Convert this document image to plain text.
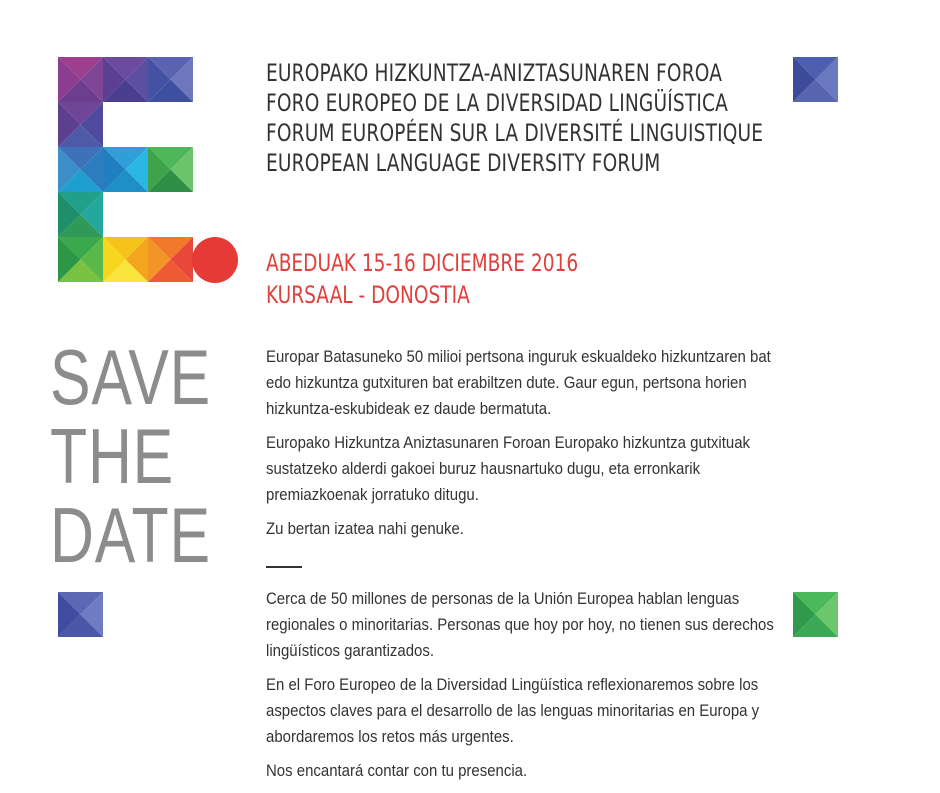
EUROPAKO HIZKUNTZA-ANIZTASUNAREN FOROA
FORO EUROPEO DE LA DIVERSIDAD LINGÜÍSTICA
FORUM EUROPÉEN SUR LA DIVERSITÉ LINGUISTIQUE
EUROPEAN LANGUAGE DIVERSITY FORUM
ABEDUAK 15-16 DICIEMBRE 2016
KURSAAL - DONOSTIA
SAVE
THE
DATE

Europar Batasuneko 50 milioi pertsona inguruk eskualdeko hizkuntzaren bat edo hizkuntza gutxituren bat erabiltzen dute. Gaur egun, pertsona horien hizkuntza-eskubideak ez daude bermatuta.

Europako Hizkuntza Aniztasunaren Foroan Europako hizkuntza gutxituak sustatzeko alderdi gakoei buruz hausnartuko dugu, eta erronkarik premiazkoenak jorratuko ditugu.

Zu bertan izatea nahi genuke.

Cerca de 50 millones de personas de la Unión Europea hablan lenguas regionales o minoritarias. Personas que hoy por hoy, no tienen sus derechos lingüísticos garantizados.

En el Foro Europeo de la Diversidad Lingüística reflexionaremos sobre los aspectos claves para el desarrollo de las lenguas minoritarias en Europa y abordaremos los retos más urgentes.

Nos encantará contar con tu presencia.
